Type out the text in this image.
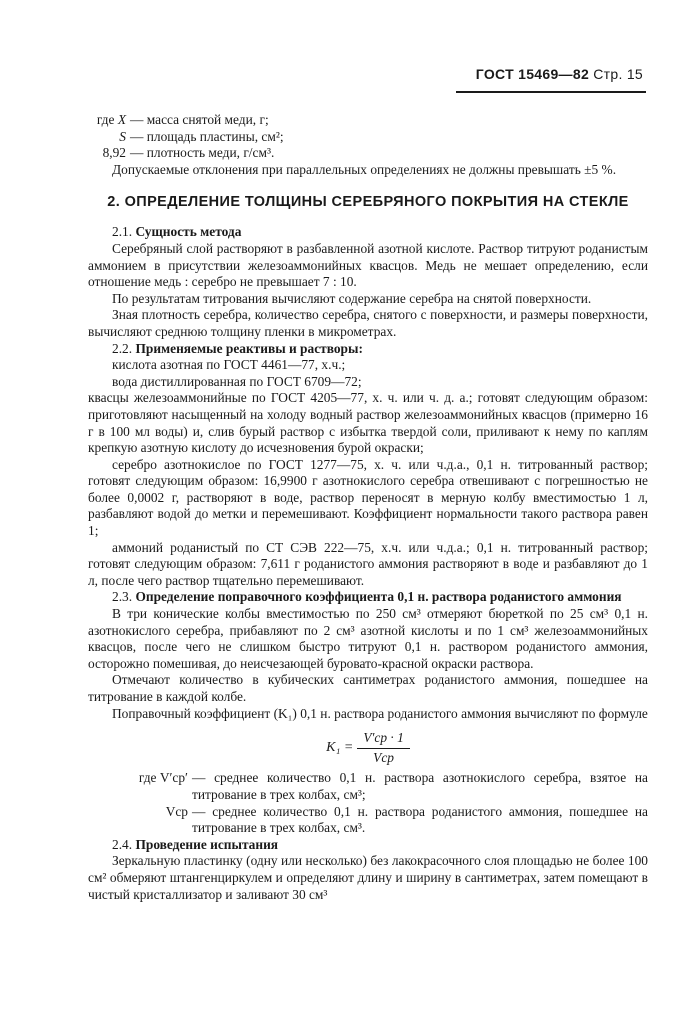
ГОСТ 15469—82 Стр. 15
где X — масса снятой меди, г;
S — площадь пластины, см²;
8,92 — плотность меди, г/см³.

Допускаемые отклонения при параллельных определениях не должны превышать ±5 %.

2. ОПРЕДЕЛЕНИЕ ТОЛЩИНЫ СЕРЕБРЯНОГО ПОКРЫТИЯ НА СТЕКЛЕ

2.1. Сущность метода

Серебряный слой растворяют в разбавленной азотной кислоте. Раствор титруют роданистым аммонием в присутствии железоаммонийных квасцов. Медь не мешает определению, если отношение медь : серебро не превышает 7 : 10.

По результатам титрования вычисляют содержание серебра на снятой поверхности.

Зная плотность серебра, количество серебра, снятого с поверхности, и размеры поверхности, вычисляют среднюю толщину пленки в микрометрах.

2.2. Применяемые реактивы и растворы:

кислота азотная по ГОСТ 4461—77, х.ч.;

вода дистиллированная по ГОСТ 6709—72;

квасцы железоаммонийные по ГОСТ 4205—77, х. ч. или ч. д. а.; готовят следующим образом: приготовляют насыщенный на холоду водный раствор железоаммонийных квасцов (примерно 16 г в 100 мл воды) и, слив бурый раствор с избытка твердой соли, приливают к нему по каплям крепкую азотную кислоту до исчезновения бурой окраски;

серебро азотнокислое по ГОСТ 1277—75, х. ч. или ч.д.а., 0,1 н. титрованный раствор; готовят следующим образом: 16,9900 г азотнокислого серебра отвешивают с погрешностью не более 0,0002 г, растворяют в воде, раствор переносят в мерную колбу вместимостью 1 л, разбавляют водой до метки и перемешивают. Коэффициент нормальности такого раствора равен 1;

аммоний роданистый по СТ СЭВ 222—75, х.ч. или ч.д.а.; 0,1 н. титрованный раствор; готовят следующим образом: 7,611 г роданистого аммония растворяют в воде и разбавляют до 1 л, после чего раствор тщательно перемешивают.

2.3. Определение поправочного коэффициента 0,1 н. раствора роданистого аммония

В три конические колбы вместимостью по 250 см³ отмеряют бюреткой по 25 см³ 0,1 н. азотнокислого серебра, прибавляют по 2 см³ азотной кислоты и по 1 см³ железоаммонийных квасцов, после чего не слишком быстро титруют 0,1 н. раствором роданистого аммония, осторожно помешивая, до неисчезающей буровато-красной окраски раствора.

Отмечают количество в кубических сантиметрах роданистого аммония, пошедшее на титрование в каждой колбе.

Поправочный коэффициент (K₁) 0,1 н. раствора роданистого аммония вычисляют по формуле

$K_1 = \frac{V'ср \cdot 1}{\text{Vср}}$
где V′ср′ — среднее количество 0,1 н. раствора азотнокислого серебра, взятое на титрование в трех колбах, см³;
Vср — среднее количество 0,1 н. раствора роданистого аммония, пошедшее на титрование в трех колбах, см³.

2.4. Проведение испытания

Зеркальную пластинку (одну или несколько) без лакокрасочного слоя площадью не более 100 см² обмеряют штангенциркулем и определяют длину и ширину в сантиметрах, затем помещают в чистый кристаллизатор и заливают 30 см³
